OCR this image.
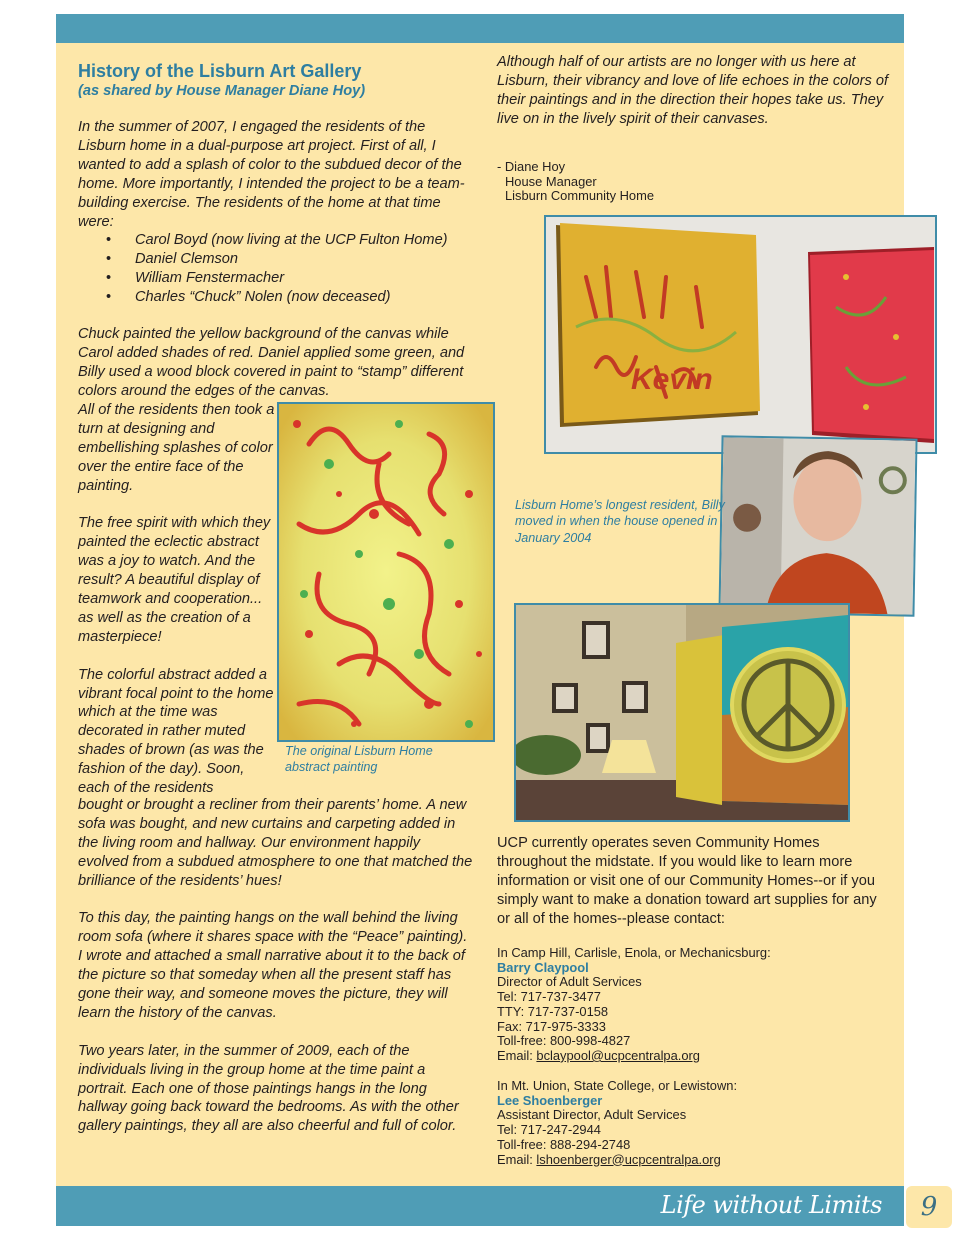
Life without Limits	9
History of the Lisburn Art Gallery
(as shared by House Manager Diane Hoy)

In the summer of 2007, I engaged the residents of the Lisburn home in a dual-purpose art project. First of all, I wanted to add a splash of color to the subdued decor of the home. More importantly, I intended the project to be a team-building exercise. The residents of the home at that time were:

• Carol Boyd (now living at the UCP Fulton Home)
• Daniel Clemson
• William Fenstermacher
• Charles “Chuck” Nolen (now deceased)
Chuck painted the yellow background of the canvas while Carol added shades of red. Daniel applied some green, and Billy used a wood block covered in paint to “stamp” different colors around the edges of the canvas.

All of the residents then took a turn at designing and embellishing splashes of color over the entire face of the painting.

The free spirit with which they painted the eclectic abstract was a joy to watch. And the result? A beautiful display of teamwork and cooperation... as well as the creation of a masterpiece!

The colorful abstract added a vibrant focal point to the home which at the time was decorated in rather muted shades of brown (as was the fashion of the day). Soon, each of the residents

bought or brought a recliner from their parents’ home. A new sofa was bought, and new curtains and carpeting added in the living room and hallway. Our environment happily evolved from a subdued atmosphere to one that matched the brilliance of the residents’ hues!

To this day, the painting hangs on the wall behind the living room sofa (where it shares space with the “Peace” painting). I wrote and attached a small narrative about it to the back of the picture so that someday when all the present staff has gone their way, and someone moves the picture, they will learn the history of the canvas.

Two years later, in the summer of 2009, each of the individuals living in the group home at the time paint a portrait. Each one of those paintings hangs in the long hallway going back toward the bedrooms. As with the other gallery paintings, they all are also cheerful and full of color.

The original Lisburn Home abstract painting
Although half of our artists are no longer with us here at Lisburn, their vibrancy and love of life echoes in the colors of their paintings and in the direction their hopes take us. They live on in the lively spirit of their canvases.
- Diane Hoy
House Manager
Lisburn Community Home
Kevin
Lisburn Home’s longest resident, Billy moved in when the house opened in January 2004
UCP currently operates seven Community Homes throughout the midstate. If you would like to learn more information or visit one of our Community Homes--or if you simply want to make a donation toward art supplies for any or all of the homes--please contact:
In Camp Hill, Carlisle, Enola, or Mechanicsburg:
Barry Claypool
Director of Adult Services
Tel: 717-737-3477
TTY: 717-737-0158
Fax: 717-975-3333
Toll-free: 800-998-4827
Email: bclaypool@ucpcentralpa.org
In Mt. Union, State College, or Lewistown:
Lee Shoenberger
Assistant Director, Adult Services
Tel: 717-247-2944
Toll-free: 888-294-2748
Email: lshoenberger@ucpcentralpa.org
